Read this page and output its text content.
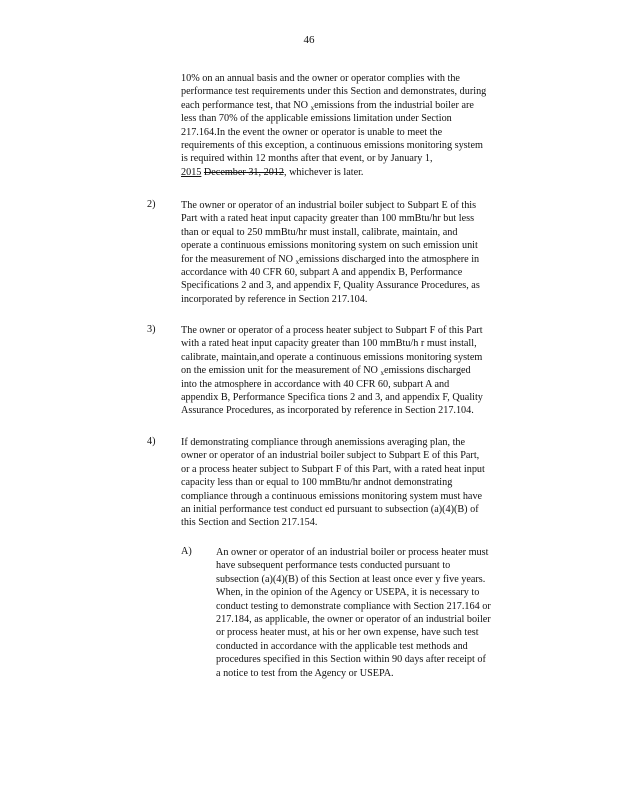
46
10% on an annual basis and the owner or operator complies with the
performance test requirements under this Section and demonstrates, during
each performance test, that NO $_x$emissions from the industrial boiler are
less than 70% of the applicable emissions limitation under Section
217.164.In the event the owner or operator is unable to meet the
requirements of this exception, a continuous emissions monitoring system
is required within 12 months after that event, or by January 1,
2015 December 31, 2012, whichever is later.
2)	The owner or operator of an industrial boiler subject to Subpart E of this
Part with a rated heat input capacity greater than 100 mmBtu/hr but less
than or equal to 250 mmBtu/hr must install, calibrate, maintain, and
operate a continuous emissions monitoring system on such emission unit
for the measurement of NO $_x$emissions discharged into the atmosphere in
accordance with 40 CFR 60, subpart A and appendix B, Performance
Specifications 2 and 3, and appendix F, Quality Assurance Procedures, as
incorporated by reference in Section 217.104.
3)	The owner or operator of a process heater subject to Subpart F of this Part
with a rated heat input capacity greater than 100 mmBtu/h r must install,
calibrate, maintain,and operate a continuous emissions monitoring system
on the emission unit for the measurement of NO $_x$emissions discharged
into the atmosphere in accordance with 40 CFR 60, subpart A and
appendix B, Performance Specifica tions 2 and 3, and appendix F, Quality
Assurance Procedures, as incorporated by reference in Section 217.104.
4)	If demonstrating compliance through anemissions averaging plan, the
owner or operator of an industrial boiler subject to Subpart E of this Part,
or a process heater subject to Subpart F of this Part, with a rated heat input
capacity less than or equal to 100 mmBtu/hr andnot demonstrating
compliance through a continuous emissions monitoring system must have
an initial performance test conduct ed pursuant to subsection (a)(4)(B) of
this Section and Section 217.154.
A) An owner or operator of an industrial boiler or process heater must
have subsequent performance tests conducted pursuant to
subsection (a)(4)(B) of this Section at least once ever y five years.
When, in the opinion of the Agency or USEPA, it is necessary to
conduct testing to demonstrate compliance with Section 217.164 or
217.184, as applicable, the owner or operator of an industrial boiler
or process heater must, at his or her own expense, have such test
conducted in accordance with the applicable test methods and
procedures specified in this Section within 90 days after receipt of
a notice to test from the Agency or USEPA.
